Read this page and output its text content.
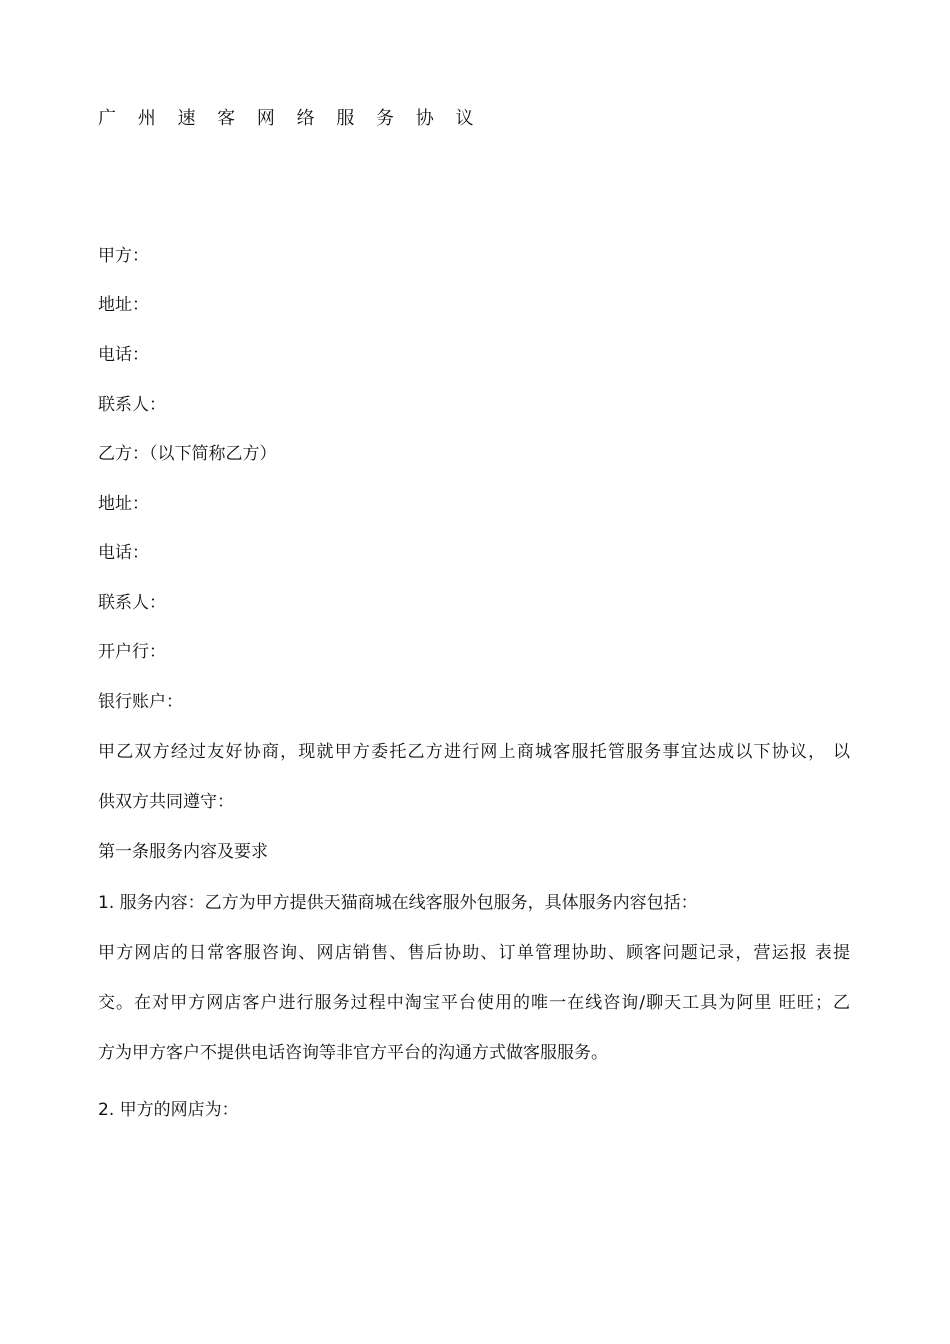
广 州 速 客 网 络 服 务 协 议
甲方：
地址：
电话：
联系人：
乙方：（以下简称乙方）
地址：
电话：
联系人：
开户行：
银行账户：
甲乙双方经过友好协商，现就甲方委托乙方进行网上商城客服托管服务事宜达成以下协议， 以
供双方共同遵守：
第一条服务内容及要求
1. 服务内容：乙方为甲方提供天猫商城在线客服外包服务，具体服务内容包括：
甲方网店的日常客服咨询、网店销售、售后协助、订单管理协助、顾客问题记录，营运报 表提
交。在对甲方网店客户进行服务过程中淘宝平台使用的唯一在线咨询/聊天工具为阿里 旺旺；乙
方为甲方客户不提供电话咨询等非官方平台的沟通方式做客服服务。
2. 甲方的网店为：
